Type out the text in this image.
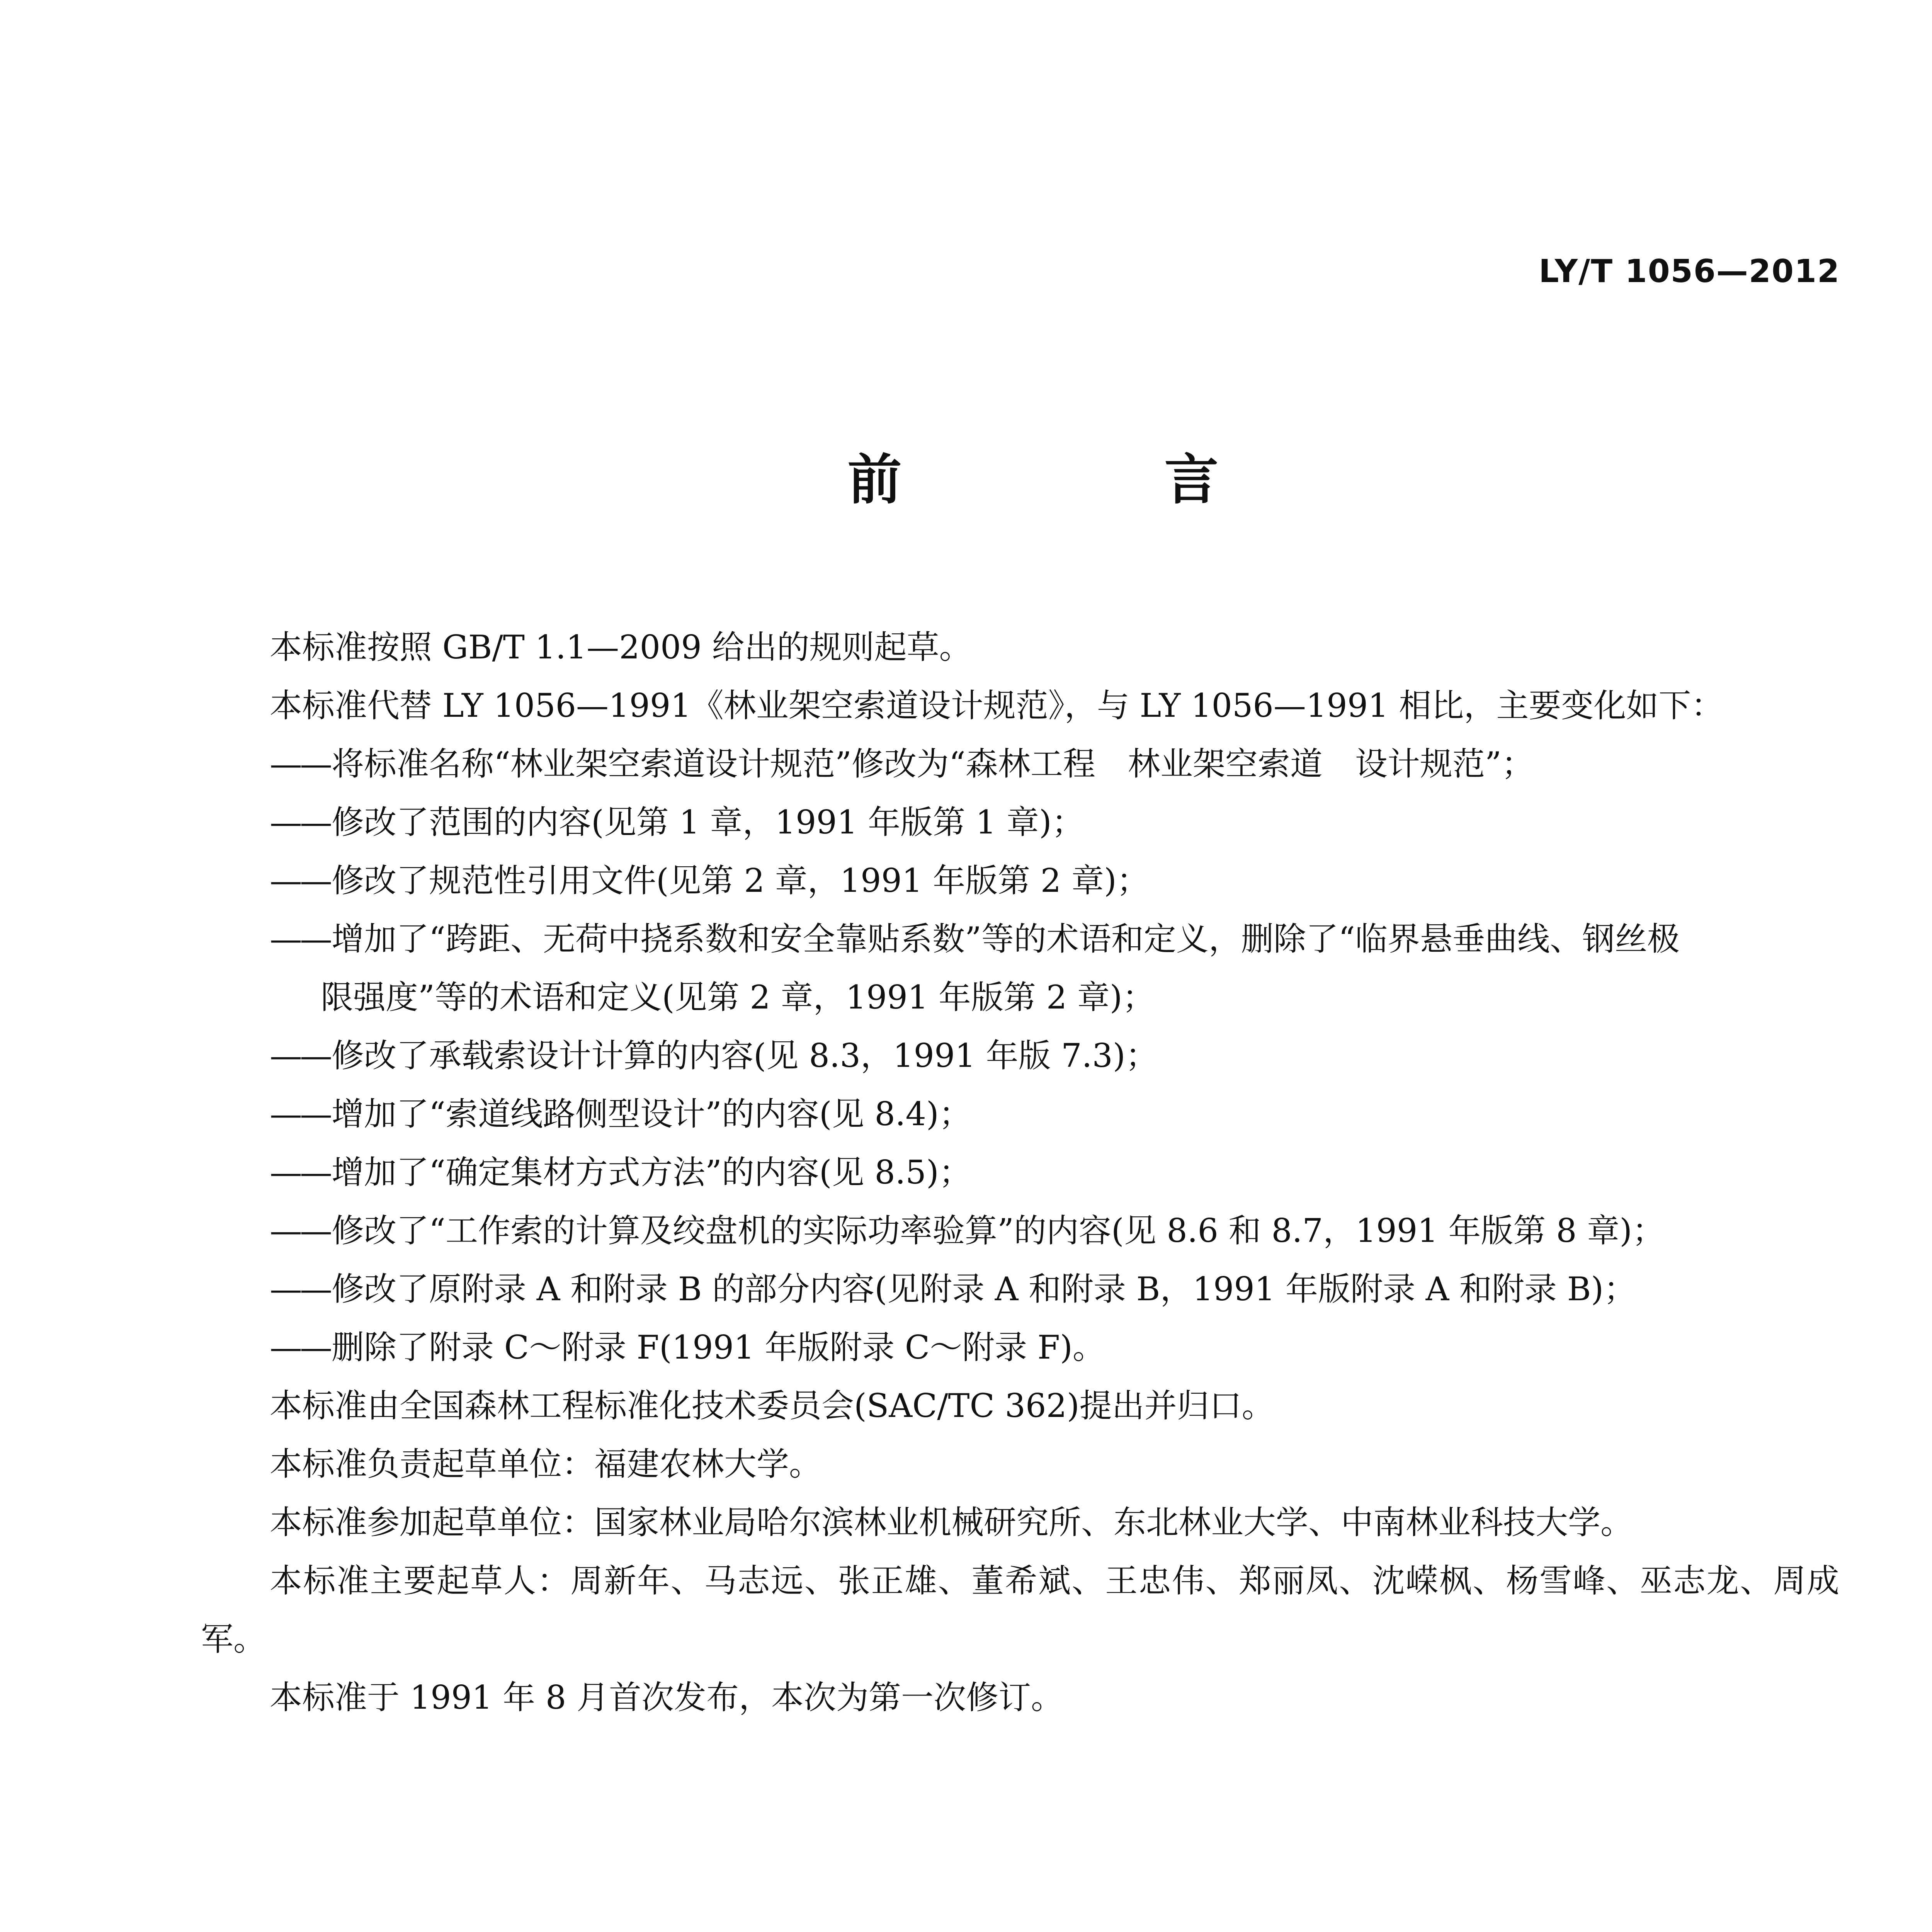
LY/T 1056—2012
前　言
本标准按照 GB/T 1.1—2009 给出的规则起草。
本标准代替 LY 1056—1991《林业架空索道设计规范》，与 LY 1056—1991 相比，主要变化如下：
——将标准名称“林业架空索道设计规范”修改为“森林工程　林业架空索道　设计规范”；
——修改了范围的内容(见第 1 章，1991 年版第 1 章)；
——修改了规范性引用文件(见第 2 章，1991 年版第 2 章)；
——增加了“跨距、无荷中挠系数和安全靠贴系数”等的术语和定义，删除了“临界悬垂曲线、钢丝极
限强度”等的术语和定义(见第 2 章，1991 年版第 2 章)；
——修改了承载索设计计算的内容(见 8.3，1991 年版 7.3)；
——增加了“索道线路侧型设计”的内容(见 8.4)；
——增加了“确定集材方式方法”的内容(见 8.5)；
——修改了“工作索的计算及绞盘机的实际功率验算”的内容(见 8.6 和 8.7，1991 年版第 8 章)；
——修改了原附录 A 和附录 B 的部分内容(见附录 A 和附录 B，1991 年版附录 A 和附录 B)；
——删除了附录 C～附录 F(1991 年版附录 C～附录 F)。
本标准由全国森林工程标准化技术委员会(SAC/TC 362)提出并归口。
本标准负责起草单位：福建农林大学。
本标准参加起草单位：国家林业局哈尔滨林业机械研究所、东北林业大学、中南林业科技大学。
本标准主要起草人：周新年、马志远、张正雄、董希斌、王忠伟、郑丽凤、沈嵘枫、杨雪峰、巫志龙、周成军。
本标准于 1991 年 8 月首次发布，本次为第一次修订。
